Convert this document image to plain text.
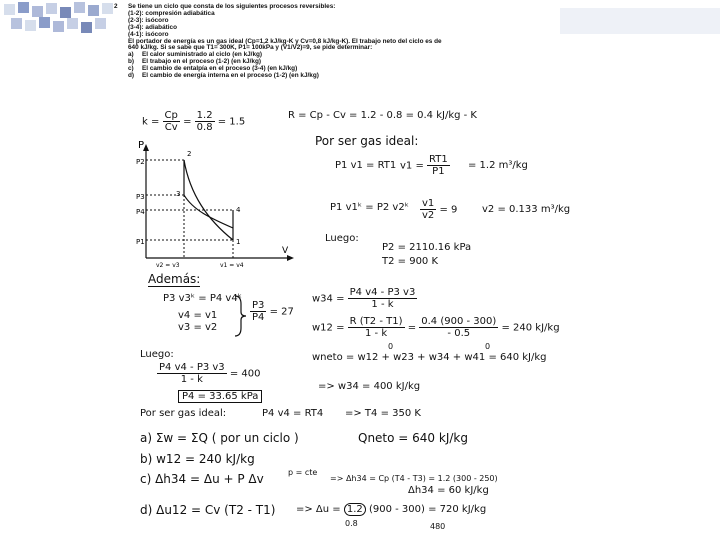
2 Se tiene un ciclo que consta de los siguientes procesos reversibles:
(1-2): compresión adiabática
(2-3): isócoro
(3-4): adiabático
(4-1): isócoro
El portador de energía es un gas ideal (Cp=1,2 kJ/kg-K y Cv=0,8 kJ/kg-K). El trabajo neto del ciclo es de
640 kJ/kg. Si se sabe que T1= 300K, P1= 100kPa y (V1/V2)=9, se pide determinar:
a) El calor suministrado al ciclo (en kJ/kg)
b) El trabajo en el proceso (1-2) (en kJ/kg)
c) El cambio de entalpía en el proceso (3-4) (en kJ/kg)
d) El cambio de energía interna en el proceso (1-2) (en kJ/kg)
$k = \frac{Cp}{Cv} = \frac{1.2}{0.8} = 1.5$
R = Cp - Cv = 1.2 - 0.8 = 0.4 kJ/kg - K
Por ser gas ideal:
P1 v1 = RT1 $v1 = \frac{RT1}{P1} = 1.2$ m³/kg
P1 v1ᵏ = P2 v2ᵏ $\frac{v1}{v2} = 9$ v2 = 0.133 m³/kg
Luego:
P2 = 2110.16 kPa
T2 = 900 K
P
V
P2
P3
P4
P1
2
3
4
1
v2 = v3	v1 = v4
Además:
P3 v3ᵏ = P4 v4ᵏ
v4 = v1
v3 = v2
$\frac{P3}{P4} = 27$
$w34 = \frac{P4 v4 - P3 v3}{1 - k}$
$w12 = \frac{R (T2 - T1)}{1 - k} = \frac{0.4 (900 - 300)}{- 0.5} = 240$ kJ/kg
0	0
wneto = w12 + w23 + w34 + w41 = 640 kJ/kg
=> w34 = 400 kJ/kg
Luego:
$\frac{P4 v4 - P3 v3}{1 - k} = 400$
P4 = 33.65 kPa
Por ser gas ideal:	P4 v4 = RT4 => T4 = 350 K
a) Σw = ΣQ ( por un ciclo )	Qneto = 640 kJ/kg
b) w12 = 240 kJ/kg
c) Δh34 = Δu + P Δv	p = cte
=> Δh34 = Cp (T4 - T3) = 1.2 (300 - 250)
Δh34 = 60 kJ/kg
d) Δu12 = Cv (T2 - T1) => Δu = 1.2 (900 - 300) = 720 kJ/kg
0.8	480
